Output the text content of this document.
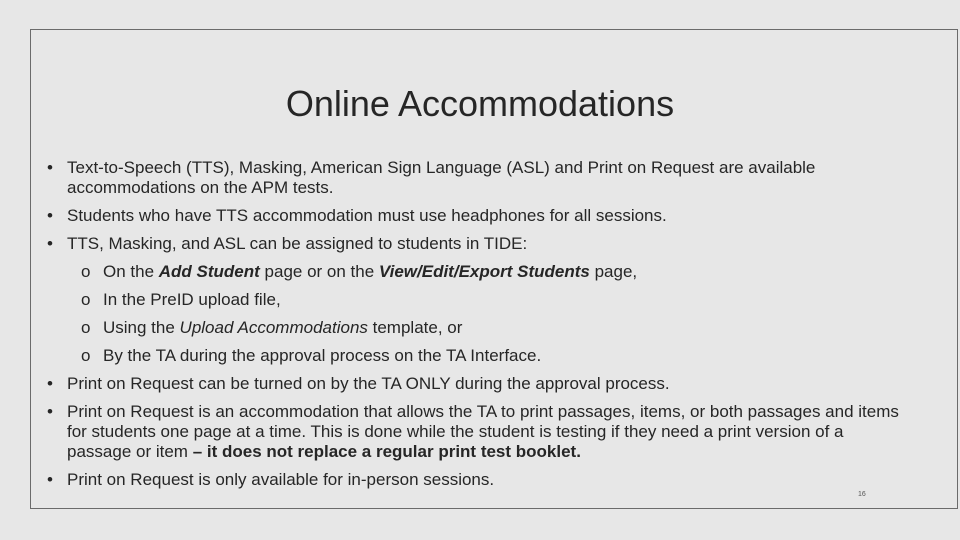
Online Accommodations
• Text-to-Speech (TTS), Masking, American Sign Language (ASL) and Print on Request are available accommodations on the APM tests.
• Students who have TTS accommodation must use headphones for all sessions.
• TTS, Masking, and ASL can be assigned to students in TIDE:
o On the Add Student page or on the View/Edit/Export Students page,
o In the PreID upload file,
o Using the Upload Accommodations template, or
o By the TA during the approval process on the TA Interface.
• Print on Request can be turned on by the TA ONLY during the approval process.
• Print on Request is an accommodation that allows the TA to print passages, items, or both passages and items for students one page at a time. This is done while the student is testing if they need a print version of a passage or item – it does not replace a regular print test booklet.
• Print on Request is only available for in-person sessions.
16
